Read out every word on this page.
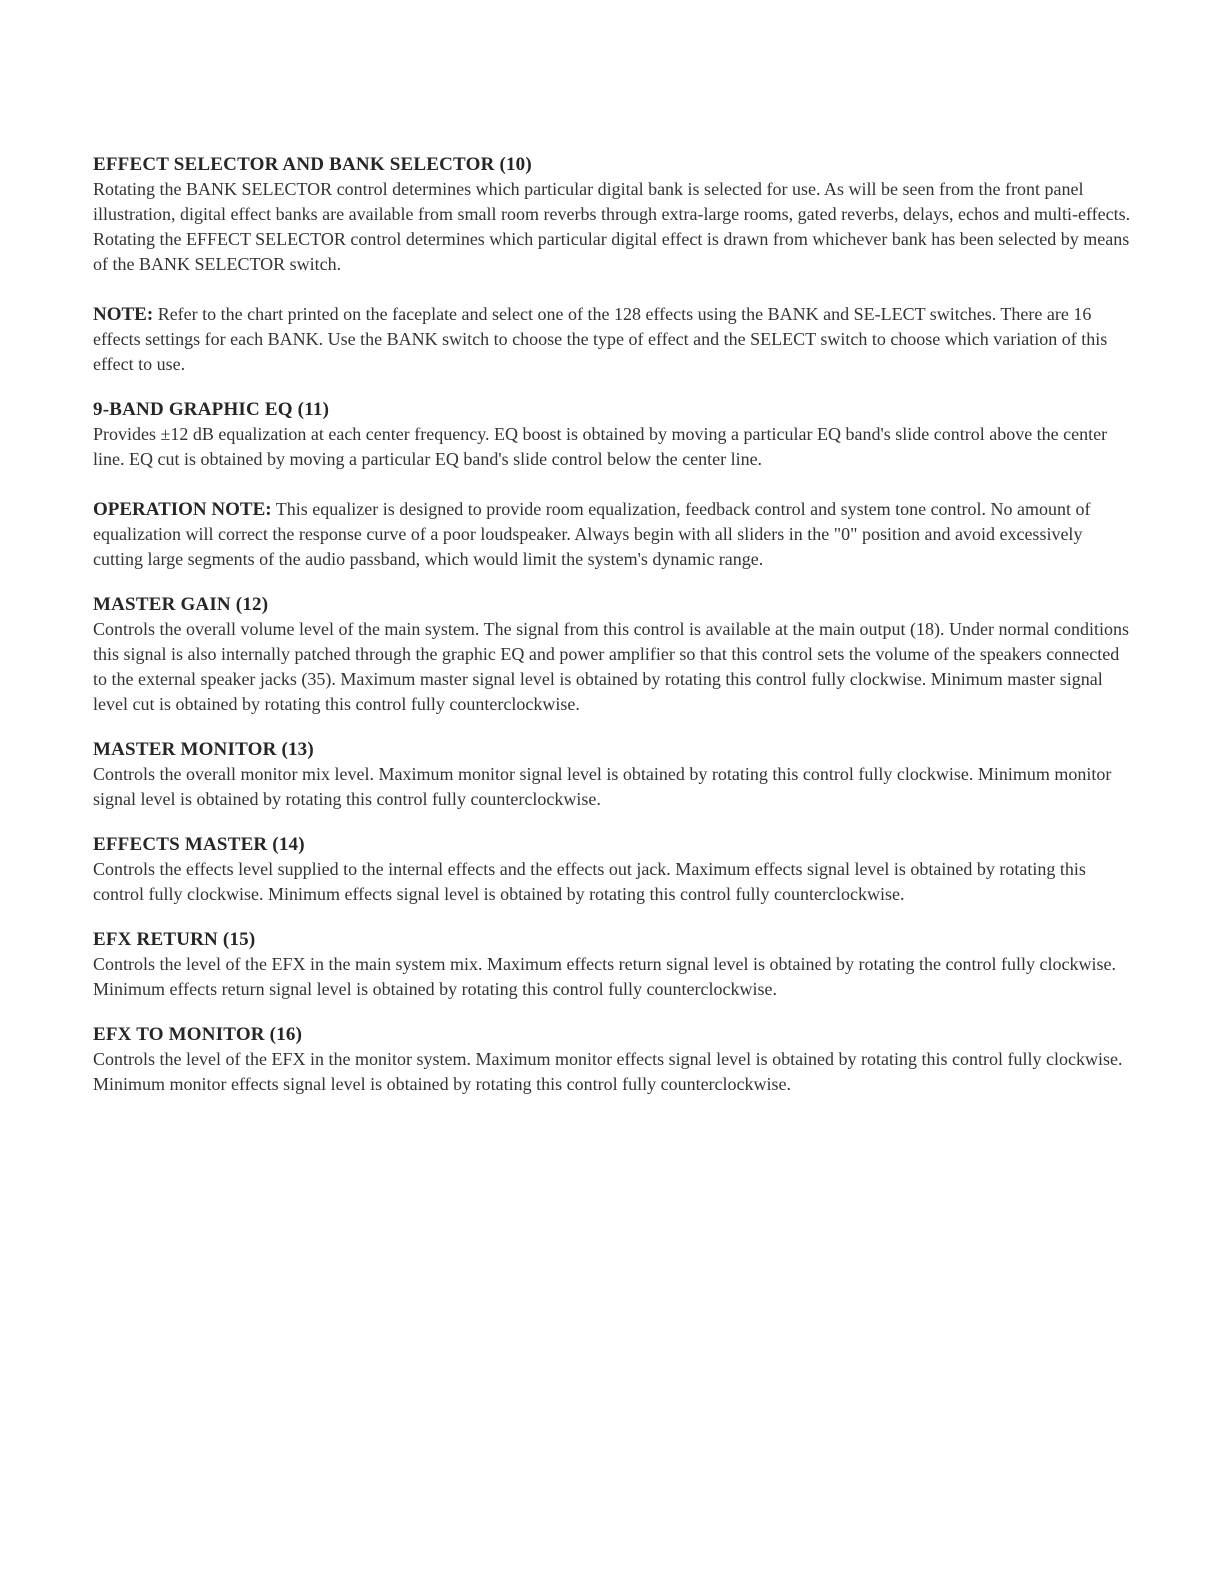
EFFECT SELECTOR AND BANK SELECTOR (10)

Rotating the BANK SELECTOR control determines which particular digital bank is selected for use. As will be seen from the front panel illustration, digital effect banks are available from small room reverbs through extra-large rooms, gated reverbs, delays, echos and multi-effects.

Rotating the EFFECT SELECTOR control determines which particular digital effect is drawn from whichever bank has been selected by means of the BANK SELECTOR switch.

NOTE: Refer to the chart printed on the faceplate and select one of the 128 effects using the BANK and SE-LECT switches. There are 16 effects settings for each BANK. Use the BANK switch to choose the type of effect and the SELECT switch to choose which variation of this effect to use.

9-BAND GRAPHIC EQ (11)

Provides ±12 dB equalization at each center frequency. EQ boost is obtained by moving a particular EQ band's slide control above the center line. EQ cut is obtained by moving a particular EQ band's slide control below the center line.

OPERATION NOTE: This equalizer is designed to provide room equalization, feedback control and system tone control. No amount of equalization will correct the response curve of a poor loudspeaker. Always begin with all sliders in the "0" position and avoid excessively cutting large segments of the audio passband, which would limit the system's dynamic range.

MASTER GAIN (12)

Controls the overall volume level of the main system. The signal from this control is available at the main output (18). Under normal conditions this signal is also internally patched through the graphic EQ and power amplifier so that this control sets the volume of the speakers connected to the external speaker jacks (35). Maximum master signal level is obtained by rotating this control fully clockwise. Minimum master signal level cut is obtained by rotating this control fully counterclockwise.

MASTER MONITOR (13)

Controls the overall monitor mix level. Maximum monitor signal level is obtained by rotating this control fully clockwise. Minimum monitor signal level is obtained by rotating this control fully counterclockwise.

EFFECTS MASTER (14)

Controls the effects level supplied to the internal effects and the effects out jack. Maximum effects signal level is obtained by rotating this control fully clockwise. Minimum effects signal level is obtained by rotating this control fully counterclockwise.

EFX RETURN (15)

Controls the level of the EFX in the main system mix. Maximum effects return signal level is obtained by rotating the control fully clockwise. Minimum effects return signal level is obtained by rotating this control fully counterclockwise.

EFX TO MONITOR (16)

Controls the level of the EFX in the monitor system. Maximum monitor effects signal level is obtained by rotating this control fully clockwise. Minimum monitor effects signal level is obtained by rotating this control fully counterclockwise.
